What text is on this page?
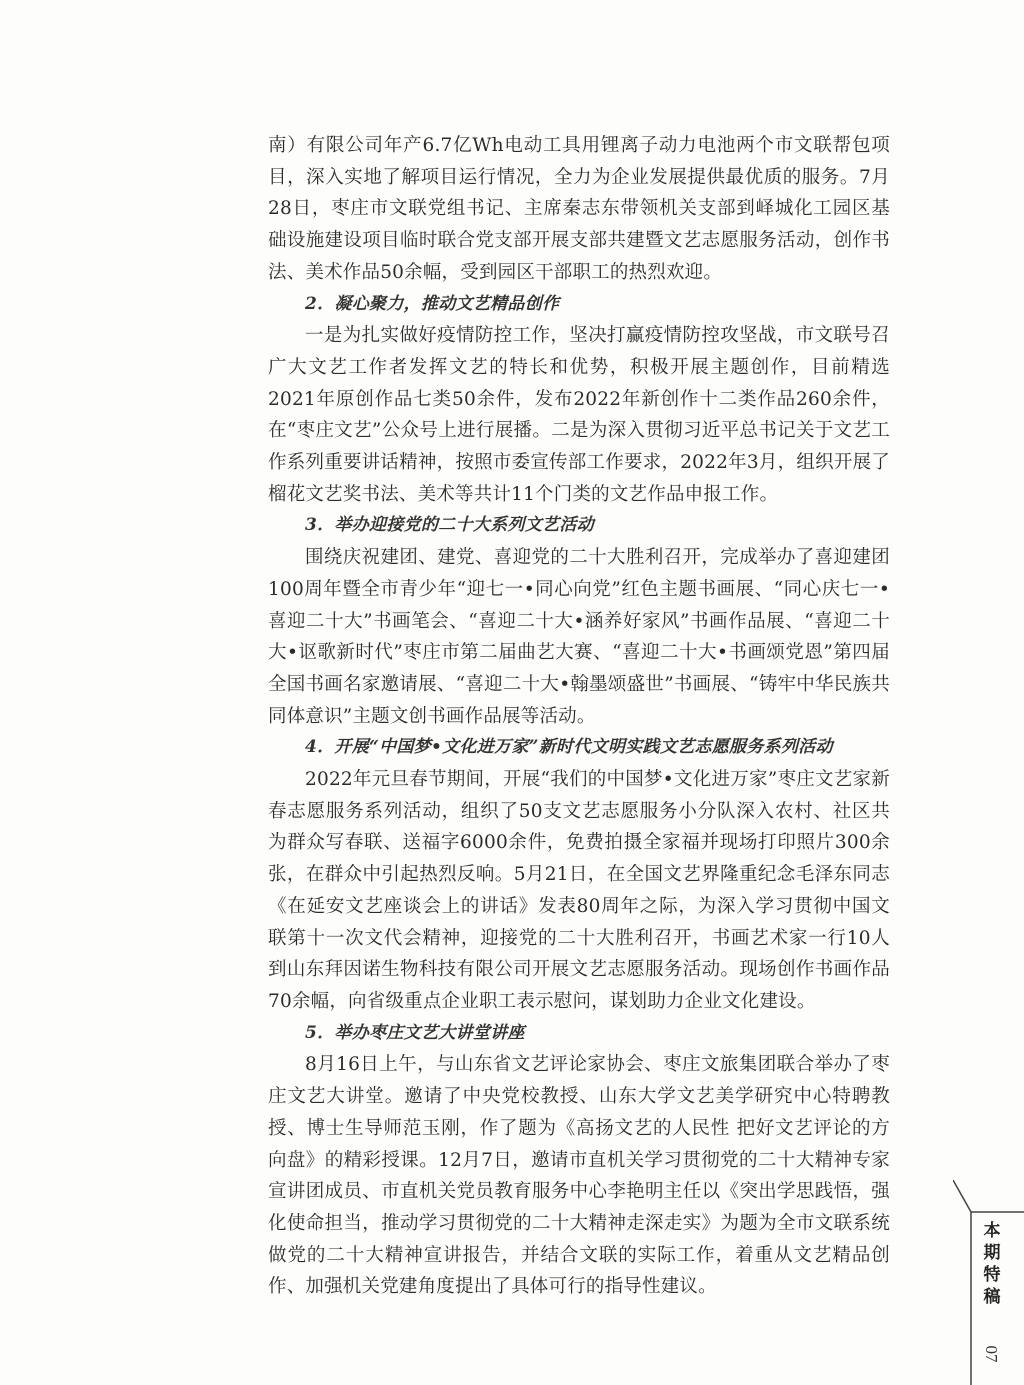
南）有限公司年产6.7亿Wh电动工具用锂离子动力电池两个市文联帮包项目，深入实地了解项目运行情况，全力为企业发展提供最优质的服务。7月28日，枣庄市文联党组书记、主席秦志东带领机关支部到峄城化工园区基础设施建设项目临时联合党支部开展支部共建暨文艺志愿服务活动，创作书法、美术作品50余幅，受到园区干部职工的热烈欢迎。

2．凝心聚力，推动文艺精品创作

一是为扎实做好疫情防控工作，坚决打赢疫情防控攻坚战，市文联号召广大文艺工作者发挥文艺的特长和优势，积极开展主题创作，目前精选2021年原创作品七类50余件，发布2022年新创作十二类作品260余件，在“枣庄文艺”公众号上进行展播。二是为深入贯彻习近平总书记关于文艺工作系列重要讲话精神，按照市委宣传部工作要求，2022年3月，组织开展了榴花文艺奖书法、美术等共计11个门类的文艺作品申报工作。

3．举办迎接党的二十大系列文艺活动

围绕庆祝建团、建党、喜迎党的二十大胜利召开，完成举办了喜迎建团100周年暨全市青少年“迎七一•同心向党”红色主题书画展、“同心庆七一•喜迎二十大”书画笔会、“喜迎二十大•涵养好家风”书画作品展、“喜迎二十大•讴歌新时代”枣庄市第二届曲艺大赛、“喜迎二十大•书画颂党恩”第四届全国书画名家邀请展、“喜迎二十大•翰墨颂盛世”书画展、“铸牢中华民族共同体意识”主题文创书画作品展等活动。

4．开展“中国梦•文化进万家”新时代文明实践文艺志愿服务系列活动

2022年元旦春节期间，开展“我们的中国梦•文化进万家”枣庄文艺家新春志愿服务系列活动，组织了50支文艺志愿服务小分队深入农村、社区共为群众写春联、送福字6000余件，免费拍摄全家福并现场打印照片300余张，在群众中引起热烈反响。5月21日，在全国文艺界隆重纪念毛泽东同志《在延安文艺座谈会上的讲话》发表80周年之际，为深入学习贯彻中国文联第十一次文代会精神，迎接党的二十大胜利召开，书画艺术家一行10人到山东拜因诺生物科技有限公司开展文艺志愿服务活动。现场创作书画作品70余幅，向省级重点企业职工表示慰问，谋划助力企业文化建设。

5．举办枣庄文艺大讲堂讲座

8月16日上午，与山东省文艺评论家协会、枣庄文旅集团联合举办了枣庄文艺大讲堂。邀请了中央党校教授、山东大学文艺美学研究中心特聘教授、博士生导师范玉刚，作了题为《高扬文艺的人民性 把好文艺评论的方向盘》的精彩授课。12月7日，邀请市直机关学习贯彻党的二十大精神专家宣讲团成员、市直机关党员教育服务中心李艳明主任以《突出学思践悟，强化使命担当，推动学习贯彻党的二十大精神走深走实》为题为全市文联系统做党的二十大精神宣讲报告，并结合文联的实际工作，着重从文艺精品创作、加强机关党建角度提出了具体可行的指导性建议。

本期特稿
07
